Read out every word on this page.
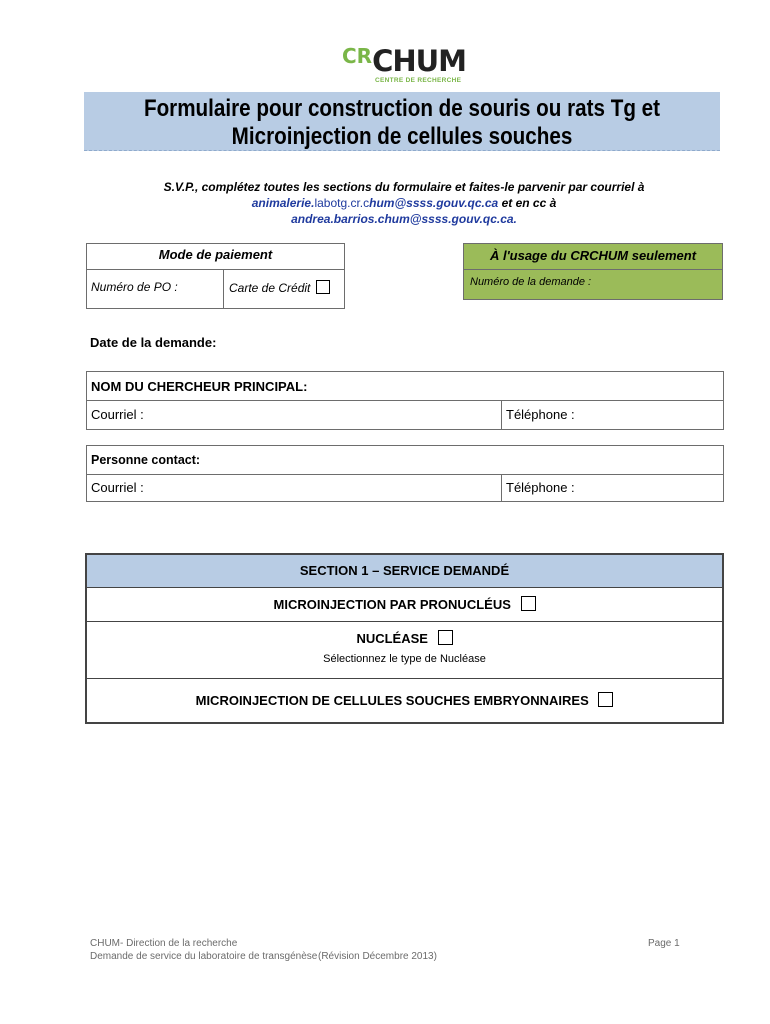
$^{CR}$CHUM
CENTRE DE RECHERCHE
Formulaire pour construction de souris ou rats Tg et
Microinjection de cellules souches
S.V.P., complétez toutes les sections du formulaire et faites-le parvenir par courriel à
animalerie.labotg.cr.chum@ssss.gouv.qc.ca et en cc à
andrea.barrios.chum@ssss.gouv.qc.ca.
Mode de paiement
Numéro de PO :	Carte de Crédit
À l'usage du CRCHUM seulement
Numéro de la demande :
Date de la demande:
NOM DU CHERCHEUR PRINCIPAL:
Courriel :	Téléphone :
Personne contact:
Courriel :	Téléphone :
SECTION 1 – SERVICE DEMANDÉ
MICROINJECTION PAR PRONUCLÉUS
NUCLÉASE
Sélectionnez le type de Nucléase
MICROINJECTION DE CELLULES SOUCHES EMBRYONNAIRES
CHUM- Direction de la recherche
Demande de service du laboratoire de transgénèse (Révision Décembre 2013)
Page 1
